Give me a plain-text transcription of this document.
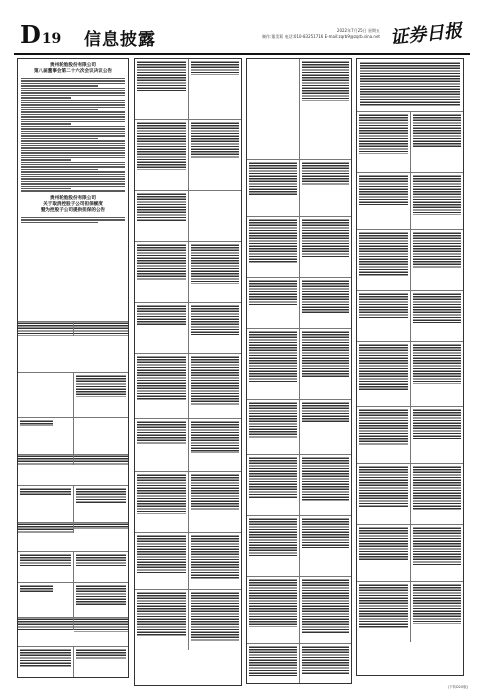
D19 信息披露	2022年7月25日 星期五
制作:董美莉 电话:010-83251716 E-mail:zqrb9@zqrb.sina.net 证券日报
贵州轮胎股份有限公司
第八届董事会第二十六次会议决议公告
贵州轮胎股份有限公司
关于取消控股子公司担保额度
暨为控股子公司提供担保的公告
(下转D20版)
